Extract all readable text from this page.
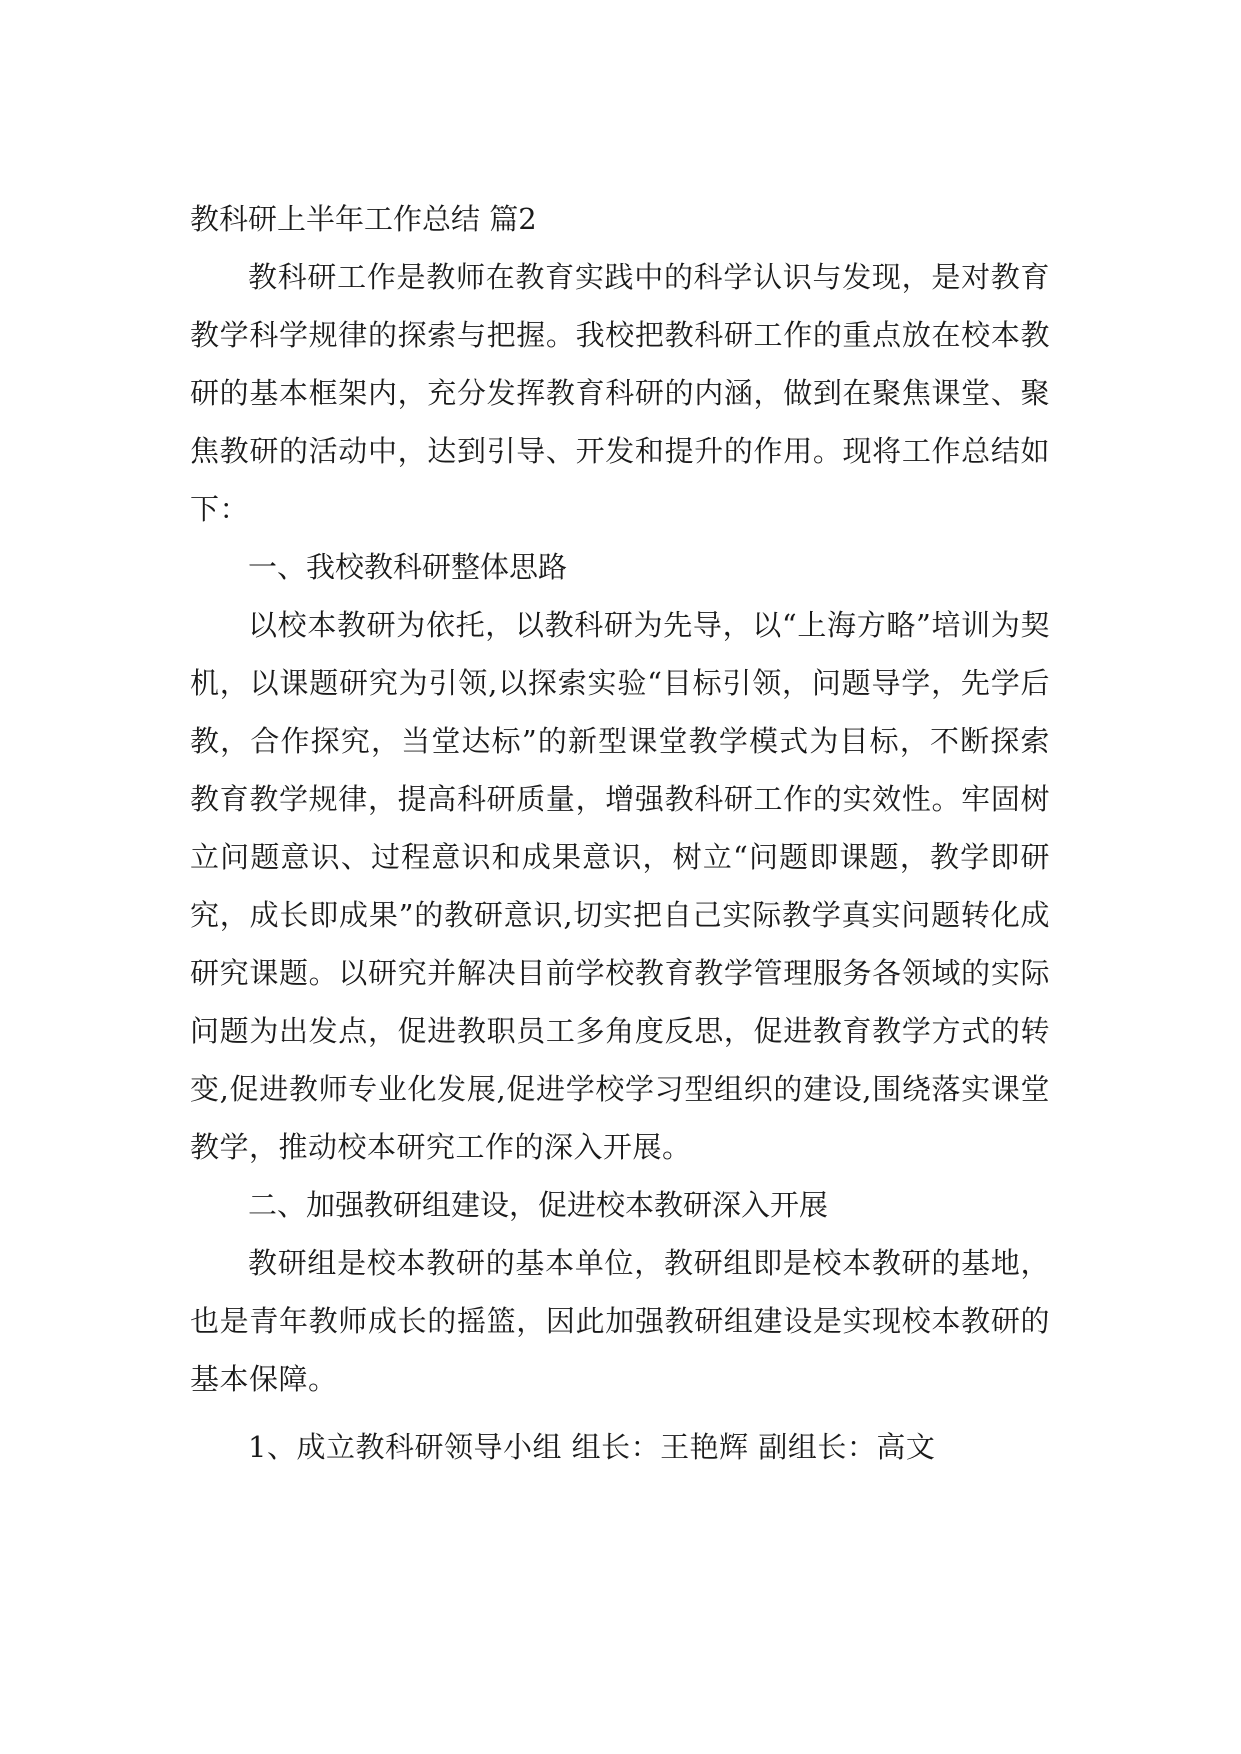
教科研上半年工作总结 篇2

教科研工作是教师在教育实践中的科学认识与发现，是对教育教学科学规律的探索与把握。我校把教科研工作的重点放在校本教研的基本框架内，充分发挥教育科研的内涵，做到在聚焦课堂、聚焦教研的活动中，达到引导、开发和提升的作用。现将工作总结如下：

一、我校教科研整体思路

以校本教研为依托，以教科研为先导，以“上海方略”培训为契机，以课题研究为引领,以探索实验“目标引领，问题导学，先学后教，合作探究，当堂达标”的新型课堂教学模式为目标，不断探索教育教学规律，提高科研质量，增强教科研工作的实效性。牢固树立问题意识、过程意识和成果意识，树立“问题即课题，教学即研究，成长即成果”的教研意识,切实把自己实际教学真实问题转化成研究课题。以研究并解决目前学校教育教学管理服务各领域的实际问题为出发点，促进教职员工多角度反思，促进教育教学方式的转变,促进教师专业化发展,促进学校学习型组织的建设,围绕落实课堂教学，推动校本研究工作的深入开展。

二、加强教研组建设，促进校本教研深入开展

教研组是校本教研的基本单位，教研组即是校本教研的基地，也是青年教师成长的摇篮，因此加强教研组建设是实现校本教研的基本保障。

1、成立教科研领导小组 组长：王艳辉 副组长：高文
